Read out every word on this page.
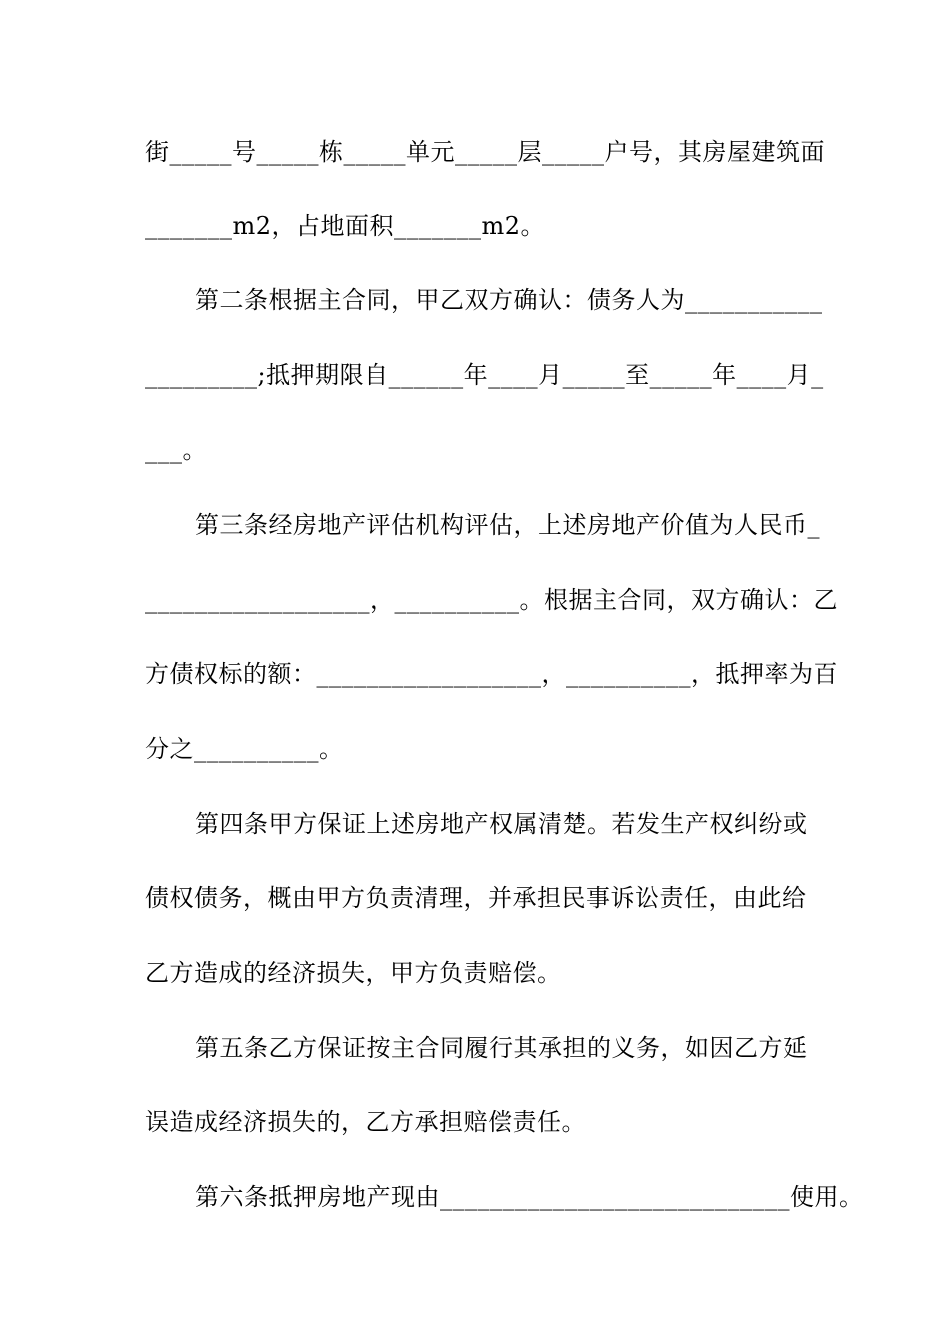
街_____号_____栋_____单元_____层_____户号，其房屋建筑面
_______m2，占地面积_______m2。
第二条根据主合同，甲乙双方确认：债务人为___________
_________;抵押期限自______年____月_____至_____年____月_
___。
第三条经房地产评估机构评估，上述房地产价值为人民币_
__________________，__________。根据主合同，双方确认：乙
方债权标的额：__________________，__________，抵押率为百
分之__________。
第四条甲方保证上述房地产权属清楚。若发生产权纠纷或
债权债务，概由甲方负责清理，并承担民事诉讼责任，由此给
乙方造成的经济损失，甲方负责赔偿。
第五条乙方保证按主合同履行其承担的义务，如因乙方延
误造成经济损失的，乙方承担赔偿责任。
第六条抵押房地产现由____________________________使用。
